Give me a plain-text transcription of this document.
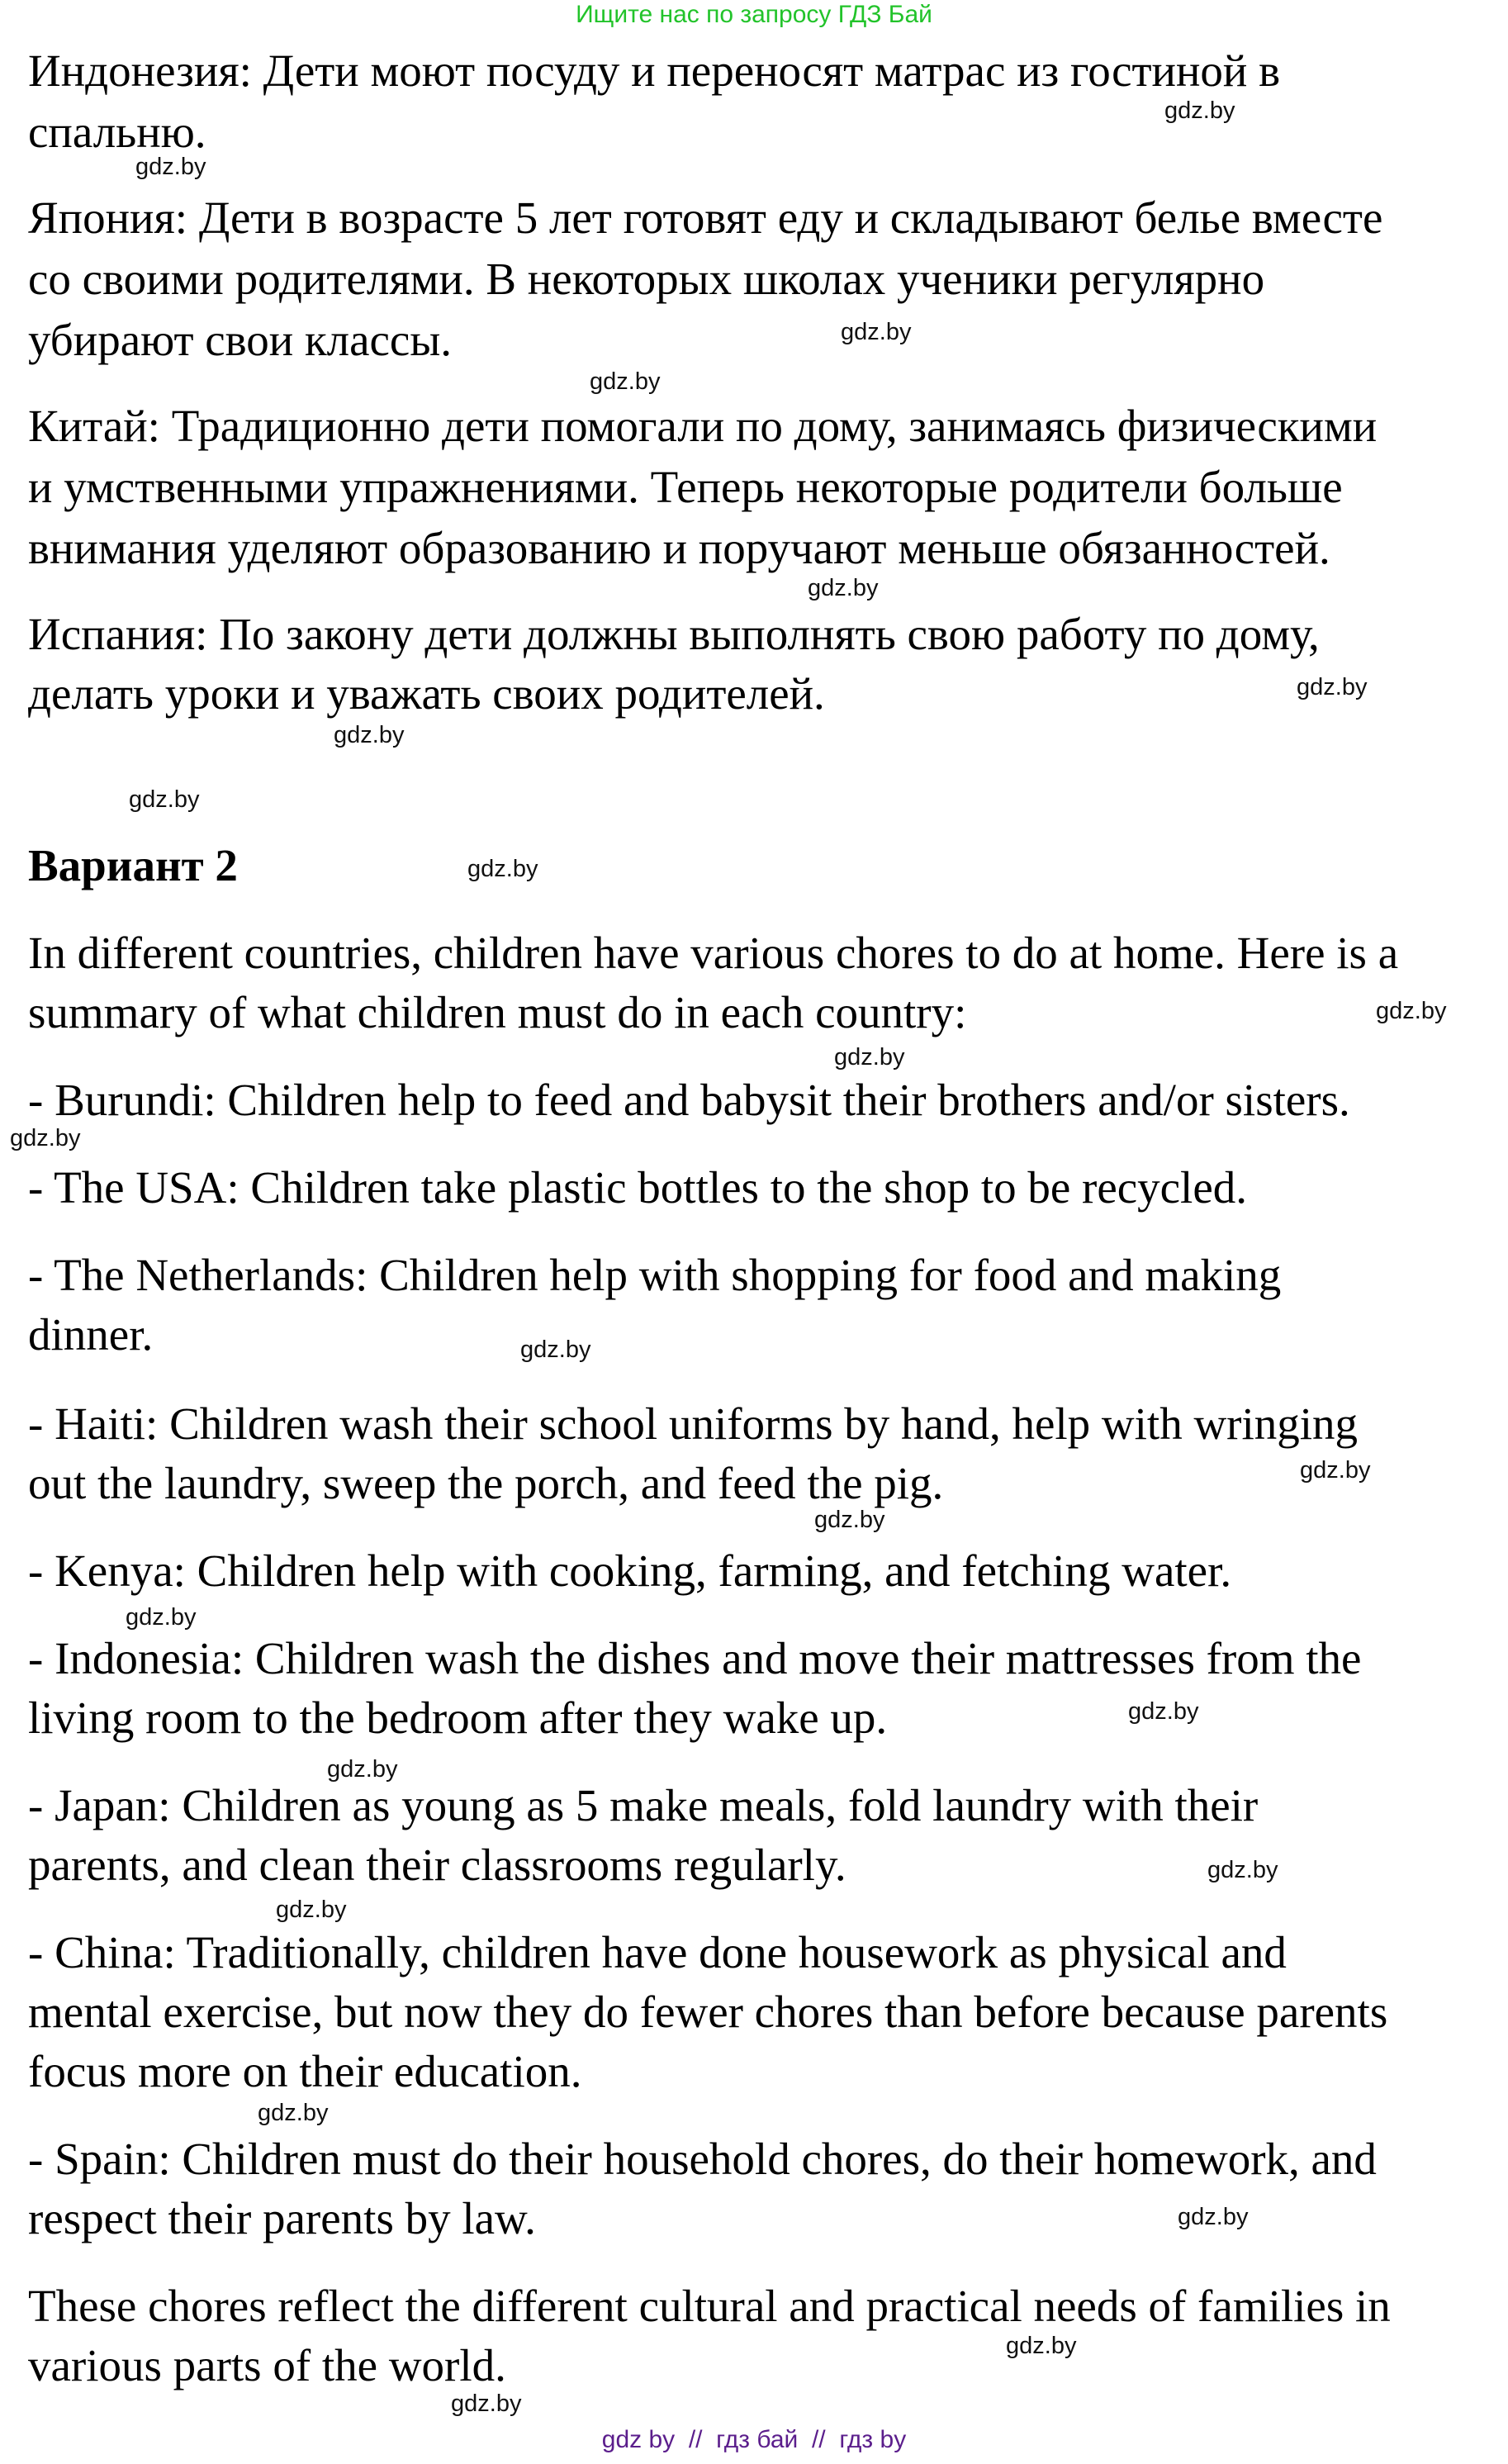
Ищите нас по запросу ГДЗ Бай
Индонезия: Дети моют посуду и переносят матрас из гостиной в
спальню.
Япония: Дети в возрасте 5 лет готовят еду и складывают белье вместе
со своими родителями. В некоторых школах ученики регулярно
убирают свои классы.
Китай: Традиционно дети помогали по дому, занимаясь физическими
и умственными упражнениями. Теперь некоторые родители больше
внимания уделяют образованию и поручают меньше обязанностей.
Испания: По закону дети должны выполнять свою работу по дому,
делать уроки и уважать своих родителей.
Вариант 2
In different countries, children have various chores to do at home. Here is a
summary of what children must do in each country:
- Burundi: Children help to feed and babysit their brothers and/or sisters.
- The USA: Children take plastic bottles to the shop to be recycled.
- The Netherlands: Children help with shopping for food and making
dinner.
- Haiti: Children wash their school uniforms by hand, help with wringing
out the laundry, sweep the porch, and feed the pig.
- Kenya: Children help with cooking, farming, and fetching water.
- Indonesia: Children wash the dishes and move their mattresses from the
living room to the bedroom after they wake up.
- Japan: Children as young as 5 make meals, fold laundry with their
parents, and clean their classrooms regularly.
- China: Traditionally, children have done housework as physical and
mental exercise, but now they do fewer chores than before because parents
focus more on their education.
- Spain: Children must do their household chores, do their homework, and
respect their parents by law.
These chores reflect the different cultural and practical needs of families in
various parts of the world.
gdz.by
gdz.by
gdz.by
gdz.by
gdz.by
gdz.by
gdz.by
gdz.by
gdz.by
gdz.by
gdz.by
gdz.by
gdz.by
gdz.by
gdz.by
gdz.by
gdz.by
gdz.by
gdz.by
gdz.by
gdz.by
gdz.by
gdz.by
gdz.by
gdz by  //  гдз бай  //  гдз by
